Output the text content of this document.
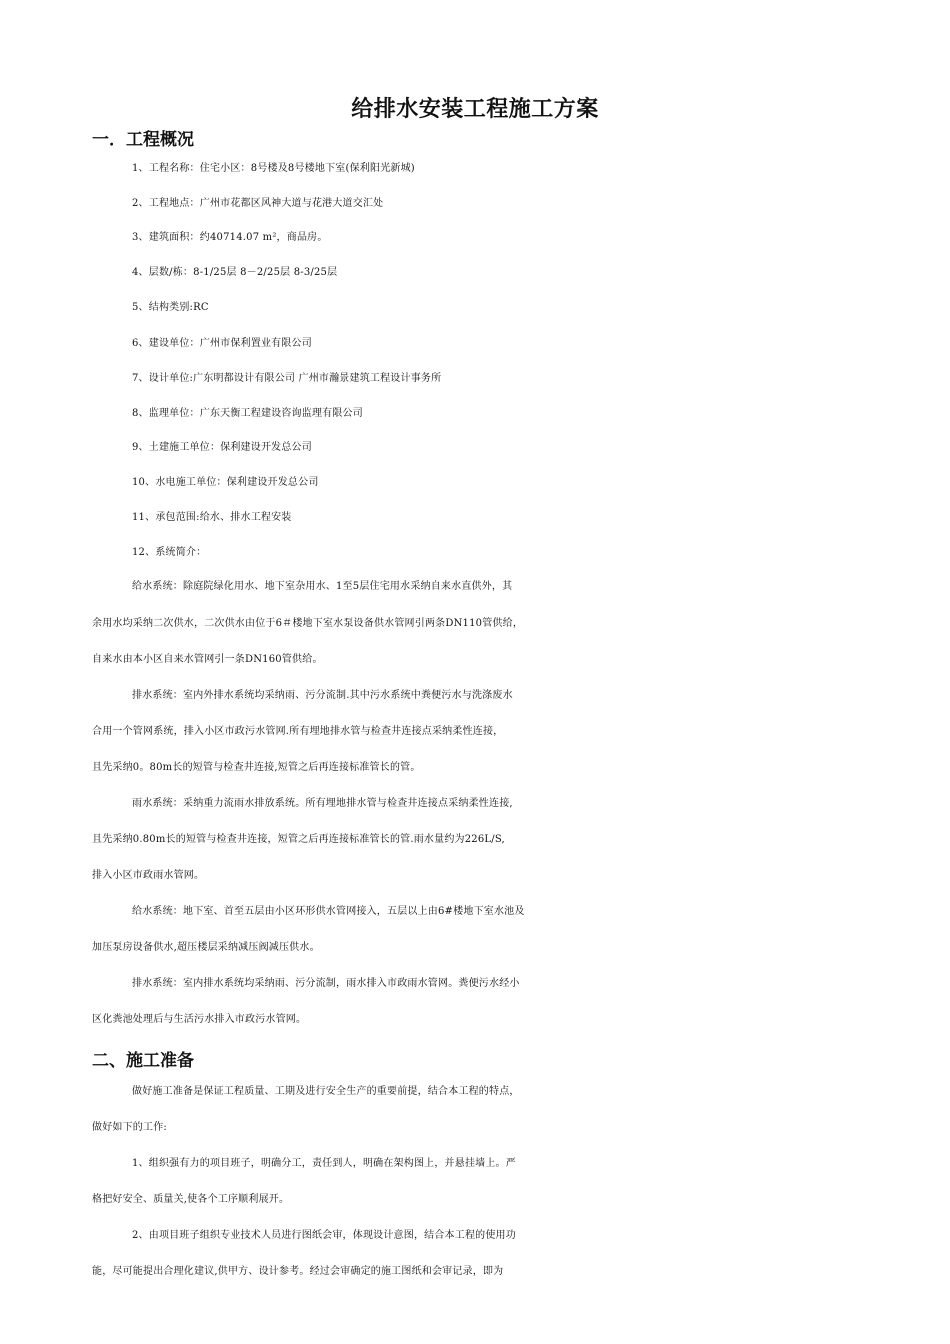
给排水安装工程施工方案
一．工程概况
1、工程名称：住宅小区：8号楼及8号楼地下室(保利阳光新城)
2、工程地点：广州市花都区风神大道与花港大道交汇处
3、建筑面积：约40714.07 m²，商品房。
4、层数/栋：8-1/25层 8－2/25层 8-3/25层
5、结构类别:RC
6、建设单位：广州市保利置业有限公司
7、设计单位:广东明都设计有限公司 广州市瀚景建筑工程设计事务所
8、监理单位：广东天衡工程建设咨询监理有限公司
9、土建施工单位：保利建设开发总公司
10、水电施工单位：保利建设开发总公司
11、承包范围:给水、排水工程安装
12、系统简介：
给水系统：除庭院绿化用水、地下室杂用水、1至5层住宅用水采纳自来水直供外，其
余用水均采纳二次供水，二次供水由位于6＃楼地下室水泵设备供水管网引两条DN110管供给，
自来水由本小区自来水管网引一条DN160管供给。
排水系统：室内外排水系统均采纳雨、污分流制.其中污水系统中粪便污水与洗涤废水
合用一个管网系统，排入小区市政污水管网.所有埋地排水管与检查井连接点采纳柔性连接，
且先采纳0。80m长的短管与检查井连接,短管之后再连接标准管长的管。
雨水系统：采纳重力流雨水排放系统。所有埋地排水管与检查井连接点采纳柔性连接,
且先采纳0.80m长的短管与检查井连接，短管之后再连接标准管长的管.雨水量约为226L/S,
排入小区市政雨水管网。
给水系统：地下室、首至五层由小区环形供水管网接入，五层以上由6#楼地下室水池及
加压泵房设备供水,超压楼层采纳减压阀减压供水。
排水系统：室内排水系统均采纳雨、污分流制，雨水排入市政雨水管网。粪便污水经小
区化粪池处理后与生活污水排入市政污水管网。
二、施工准备
做好施工准备是保证工程质量、工期及进行安全生产的重要前提，结合本工程的特点，
做好如下的工作:
1、组织强有力的项目班子，明确分工，责任到人，明确在架构图上，并悬挂墙上。严
格把好安全、质量关,使各个工序顺利展开。
2、由项目班子组织专业技术人员进行图纸会审，体现设计意图，结合本工程的使用功
能，尽可能提出合理化建议,供甲方、设计参考。经过会审确定的施工图纸和会审记录，即为
